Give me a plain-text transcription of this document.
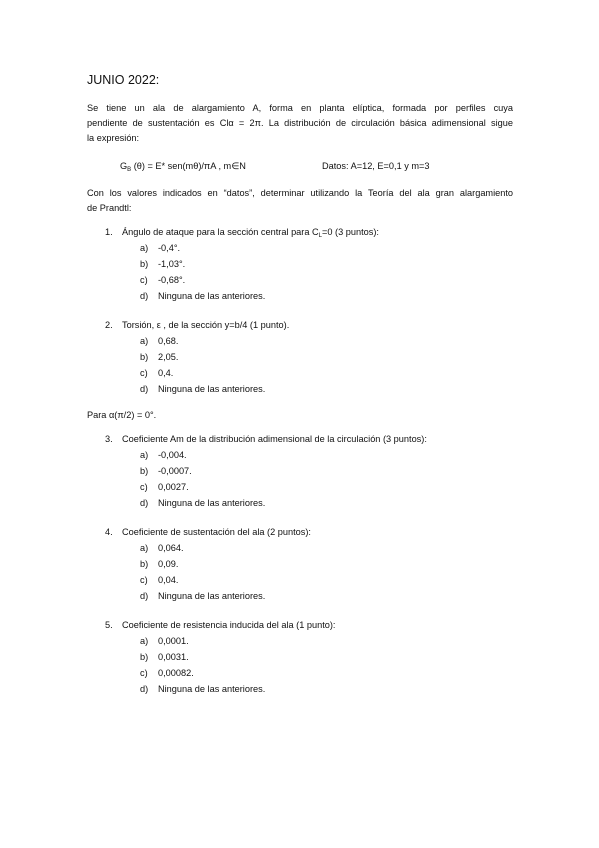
JUNIO 2022:
Se tiene un ala de alargamiento A, forma en planta elíptica, formada por perfiles cuya
pendiente de sustentación es Clα = 2π. La distribución de circulación básica adimensional sigue
la expresión:
$G_B$ (θ) = E* sen(mθ)/πA , m∈N	Datos: A=12, E=0,1 y m=3
Con los valores indicados en “datos”, determinar utilizando la Teoría del ala gran alargamiento
de Prandtl:
1. Ángulo de ataque para la sección central para $C_L=0$ (3 puntos):
a) -0,4°.
b) -1,03°.
c) -0,68°.
d) Ninguna de las anteriores.
2. Torsión, ε , de la sección y=b/4 (1 punto).
a) 0,68.
b) 2,05.
c) 0,4.
d) Ninguna de las anteriores.
Para α(π/2) = 0°.
3. Coeficiente Am de la distribución adimensional de la circulación (3 puntos):
a) -0,004.
b) -0,0007.
c) 0,0027.
d) Ninguna de las anteriores.
4. Coeficiente de sustentación del ala (2 puntos):
a) 0,064.
b) 0,09.
c) 0,04.
d) Ninguna de las anteriores.
5. Coeficiente de resistencia inducida del ala (1 punto):
a) 0,0001.
b) 0,0031.
c) 0,00082.
d) Ninguna de las anteriores.
